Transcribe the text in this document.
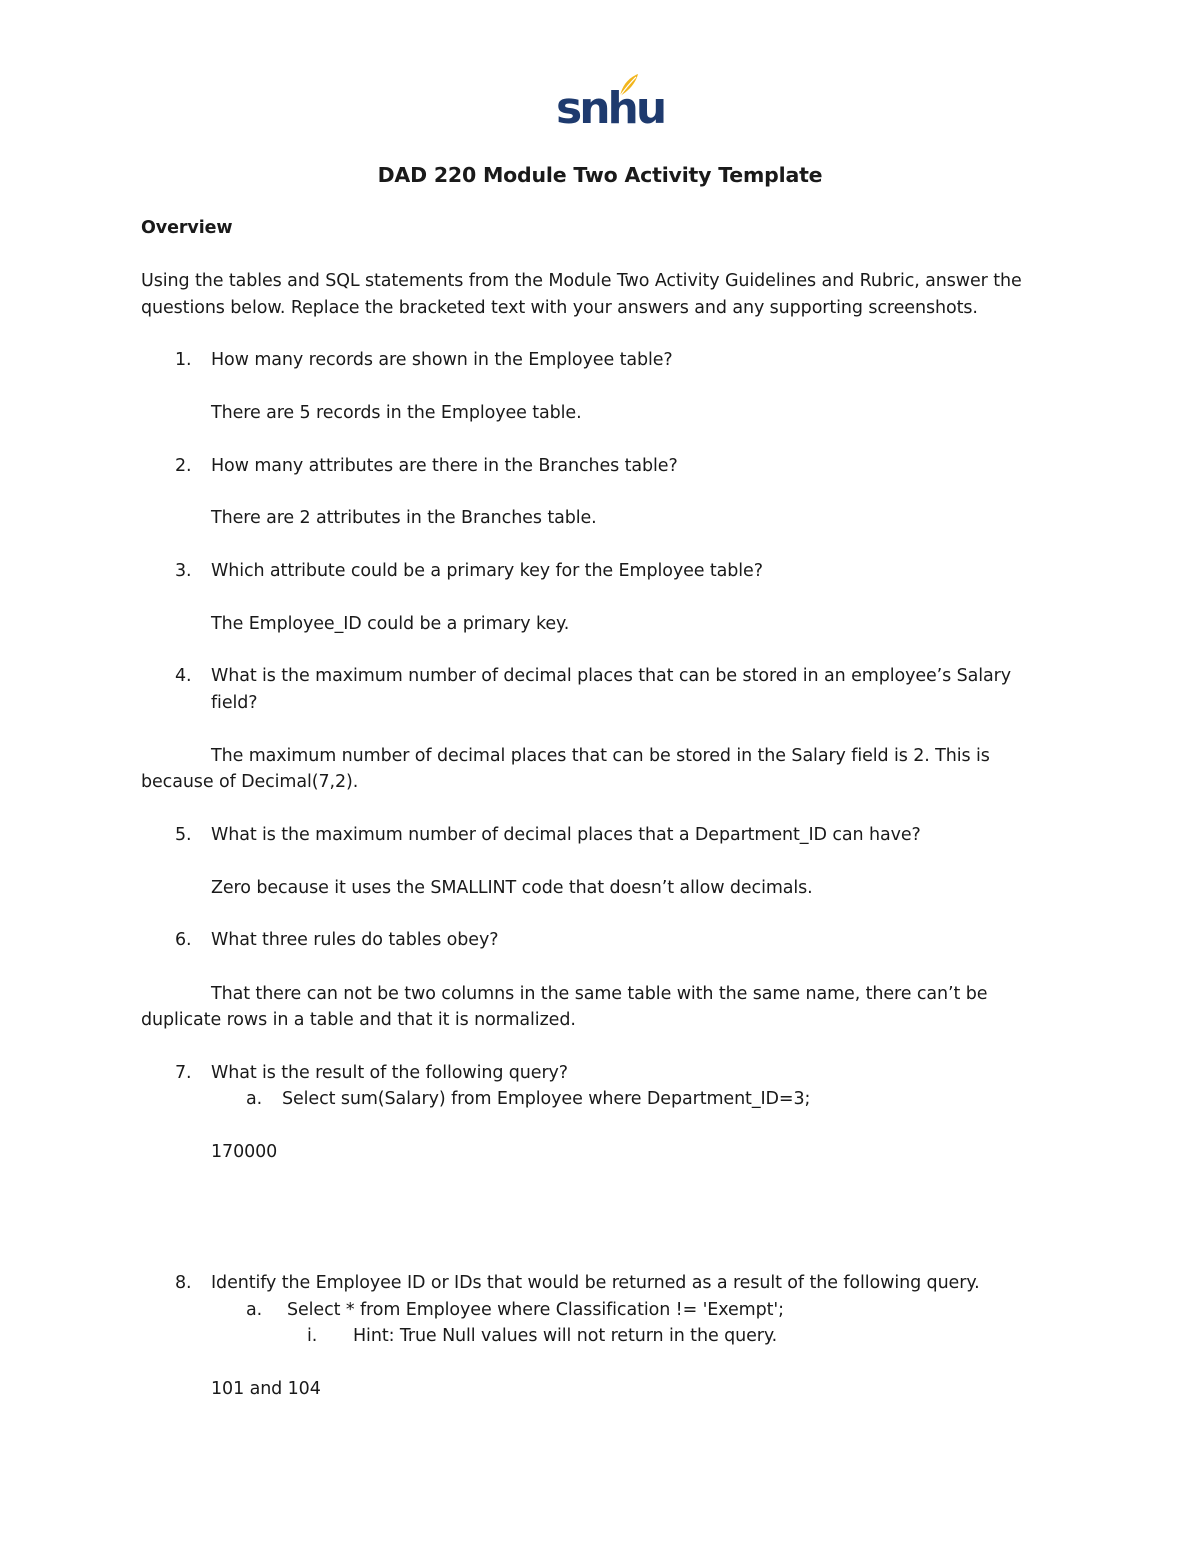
snhu
DAD 220 Module Two Activity Template
Overview
Using the tables and SQL statements from the Module Two Activity Guidelines and Rubric, answer the
questions below. Replace the bracketed text with your answers and any supporting screenshots.
1. How many records are shown in the Employee table?
There are 5 records in the Employee table.
2. How many attributes are there in the Branches table?
There are 2 attributes in the Branches table.
3. Which attribute could be a primary key for the Employee table?
The Employee_ID could be a primary key.
4. What is the maximum number of decimal places that can be stored in an employee’s Salary
field?
The maximum number of decimal places that can be stored in the Salary field is 2. This is
because of Decimal(7,2).
5. What is the maximum number of decimal places that a Department_ID can have?
Zero because it uses the SMALLINT code that doesn’t allow decimals.
6. What three rules do tables obey?
That there can not be two columns in the same table with the same name, there can’t be
duplicate rows in a table and that it is normalized.
7. What is the result of the following query?
a. Select sum(Salary) from Employee where Department_ID=3;
170000
8. Identify the Employee ID or IDs that would be returned as a result of the following query.
a. Select * from Employee where Classification != 'Exempt';
i. Hint: True Null values will not return in the query.
101 and 104
